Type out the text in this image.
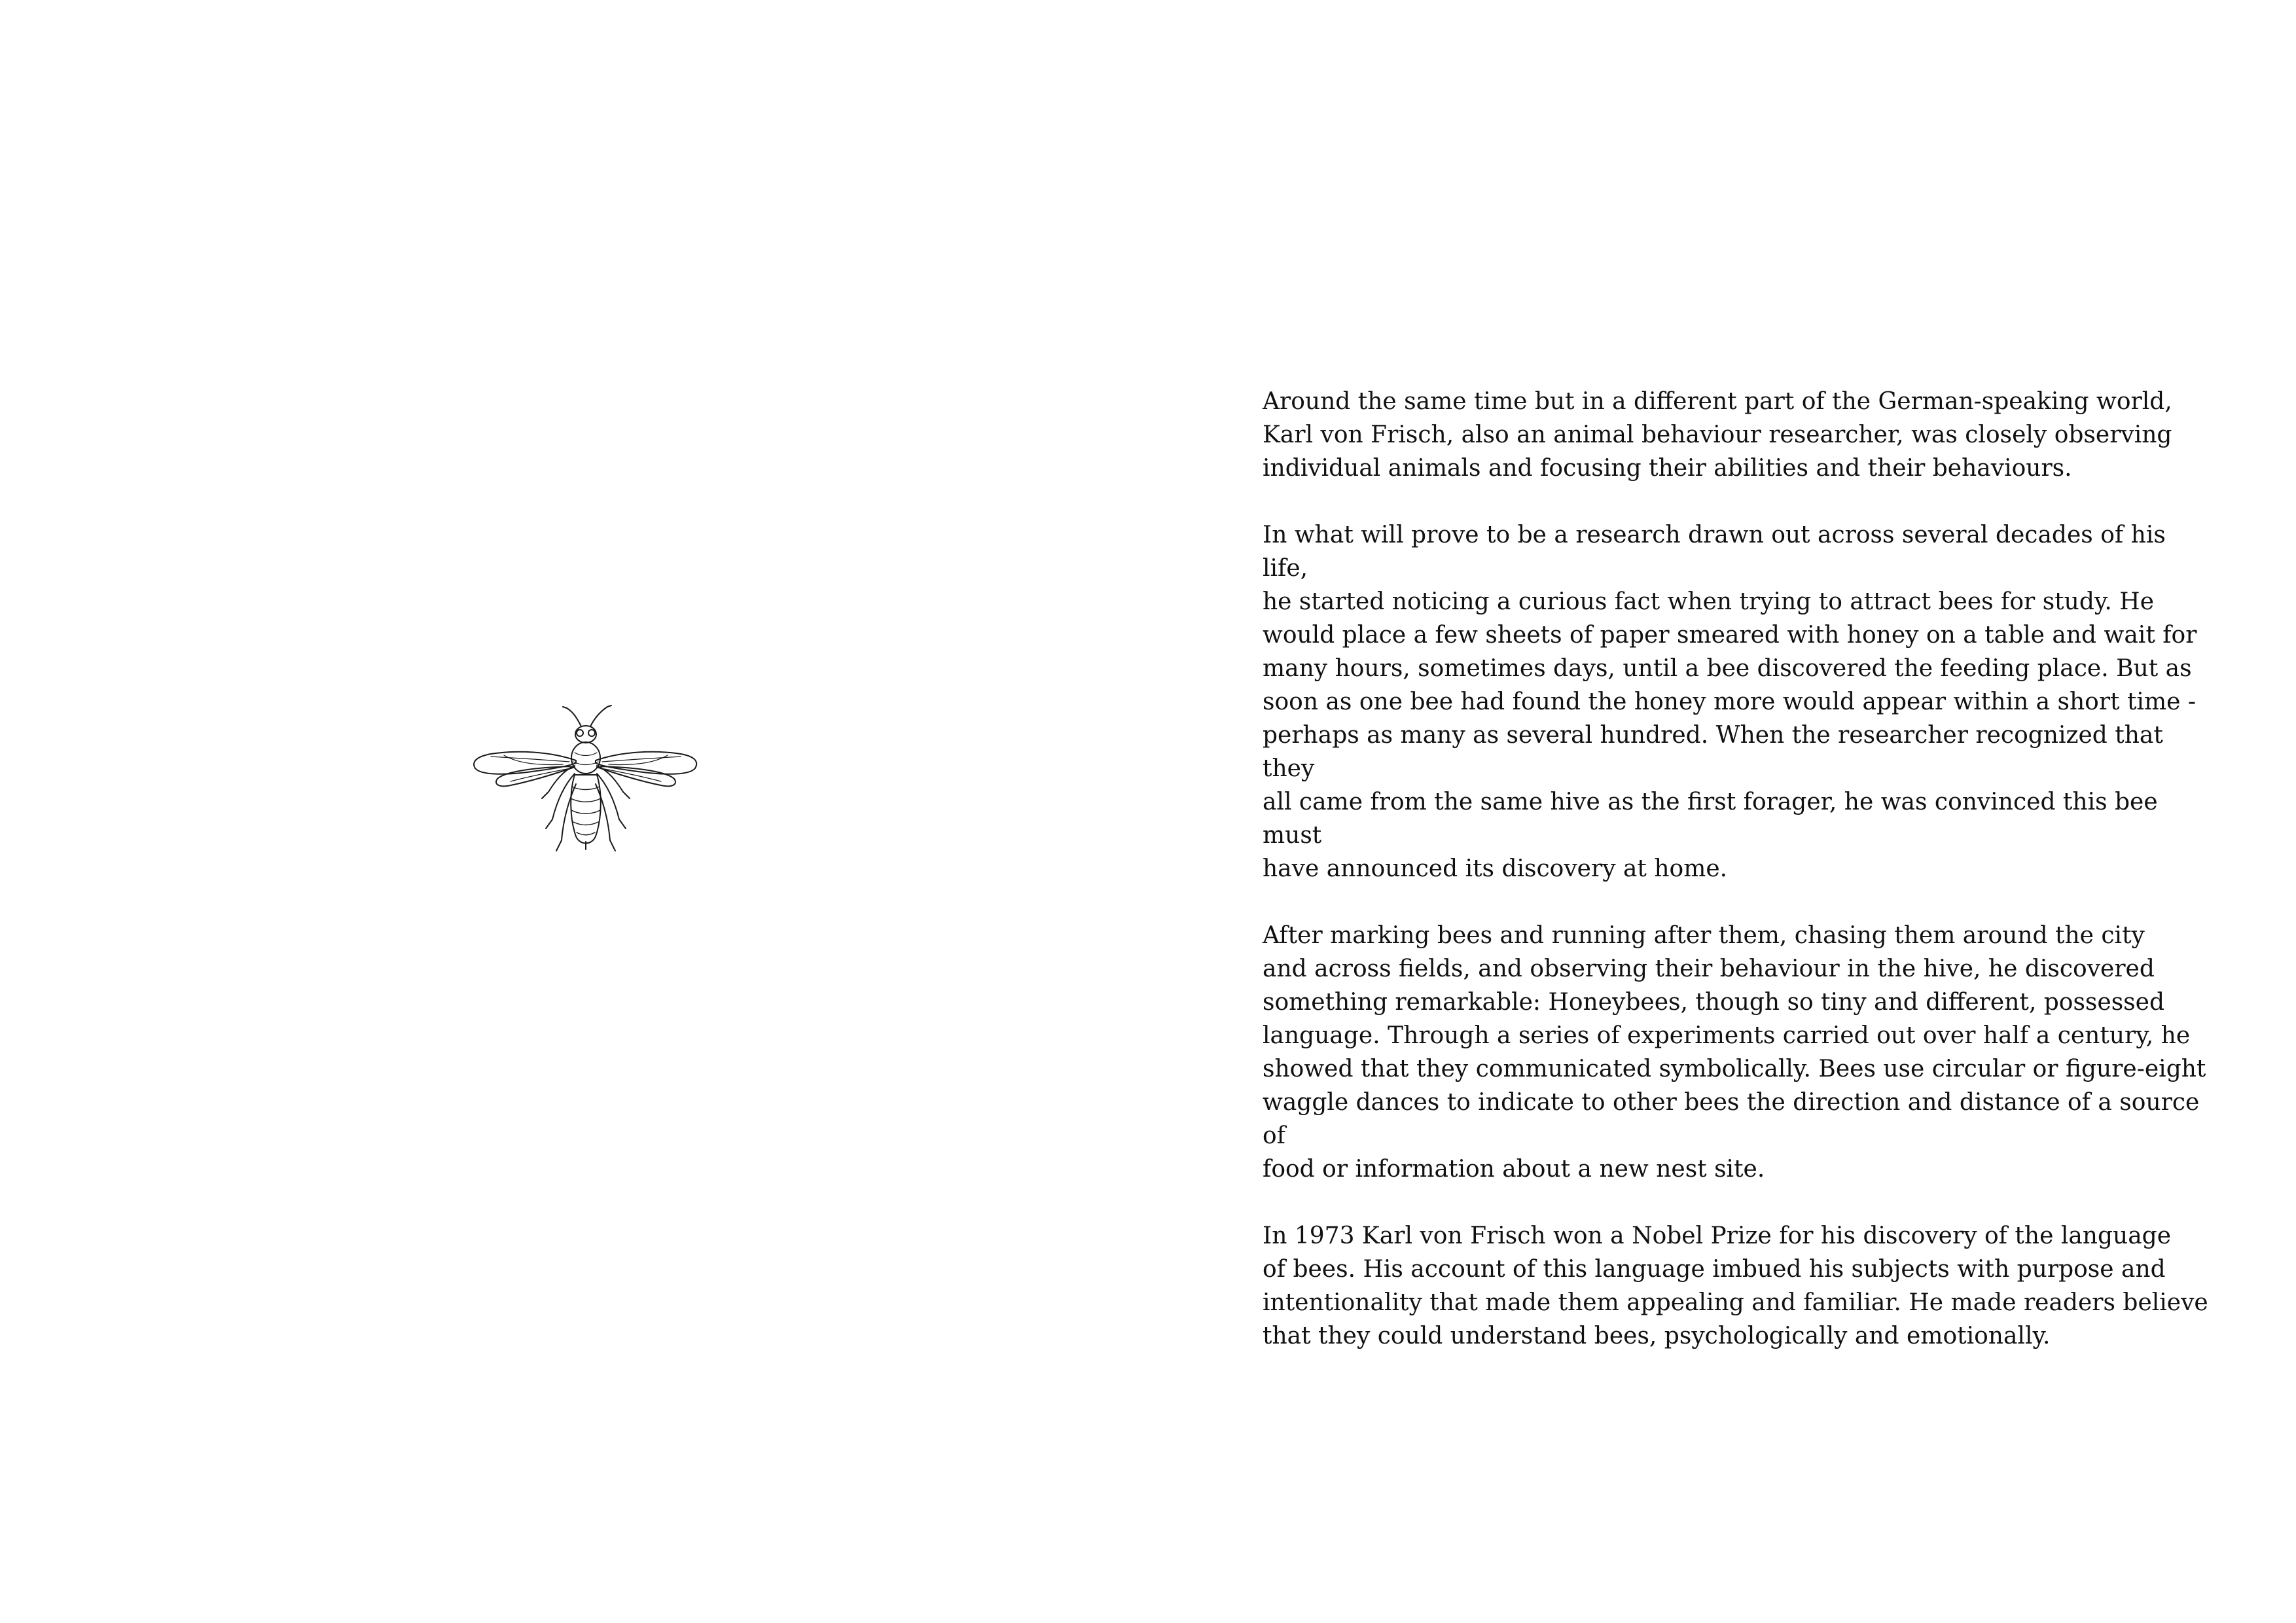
Around the same time but in a different part of the German-speaking world,
Karl von Frisch, also an animal behaviour researcher, was closely observing
individual animals and focusing their abilities and their behaviours.

In what will prove to be a research drawn out across several decades of his life,
he started noticing a curious fact when trying to attract bees for study. He
would place a few sheets of paper smeared with honey on a table and wait for
many hours, sometimes days, until a bee discovered the feeding place. But as
soon as one bee had found the honey more would appear within a short time -
perhaps as many as several hundred. When the researcher recognized that they
all came from the same hive as the first forager, he was convinced this bee must
have announced its discovery at home.

After marking bees and running after them, chasing them around the city
and across fields, and observing their behaviour in the hive, he discovered
something remarkable: Honeybees, though so tiny and different, possessed
language. Through a series of experiments carried out over half a century, he
showed that they communicated symbolically. Bees use circular or figure-eight
waggle dances to indicate to other bees the direction and distance of a source of
food or information about a new nest site.

In 1973 Karl von Frisch won a Nobel Prize for his discovery of the language
of bees. His account of this language imbued his subjects with purpose and
intentionality that made them appealing and familiar. He made readers believe
that they could understand bees, psychologically and emotionally.
